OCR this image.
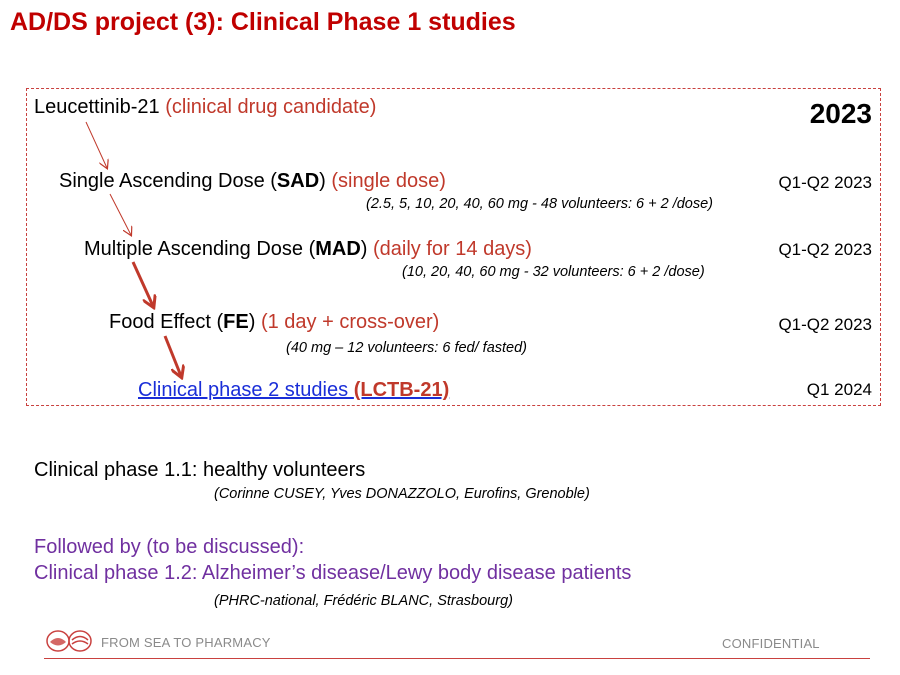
AD/DS project (3): Clinical Phase 1 studies
Leucettinib-21 (clinical drug candidate)	2023
Single Ascending Dose (SAD) (single dose)	Q1-Q2 2023
(2.5, 5, 10, 20, 40, 60 mg - 48 volunteers: 6 + 2 /dose)
Multiple Ascending Dose (MAD) (daily for 14 days)	Q1-Q2 2023
(10, 20, 40, 60 mg - 32 volunteers: 6 + 2 /dose)
Food Effect (FE) (1 day + cross-over)	Q1-Q2 2023
(40 mg – 12 volunteers: 6 fed/ fasted)
Clinical phase 2 studies (LCTB-21)	Q1 2024
Clinical phase 1.1: healthy volunteers
(Corinne CUSEY, Yves DONAZZOLO, Eurofins, Grenoble)
Followed by (to be discussed):
Clinical phase 1.2: Alzheimer’s disease/Lewy body disease patients
(PHRC-national, Frédéric BLANC, Strasbourg)
FROM SEA TO PHARMACY	CONFIDENTIAL
